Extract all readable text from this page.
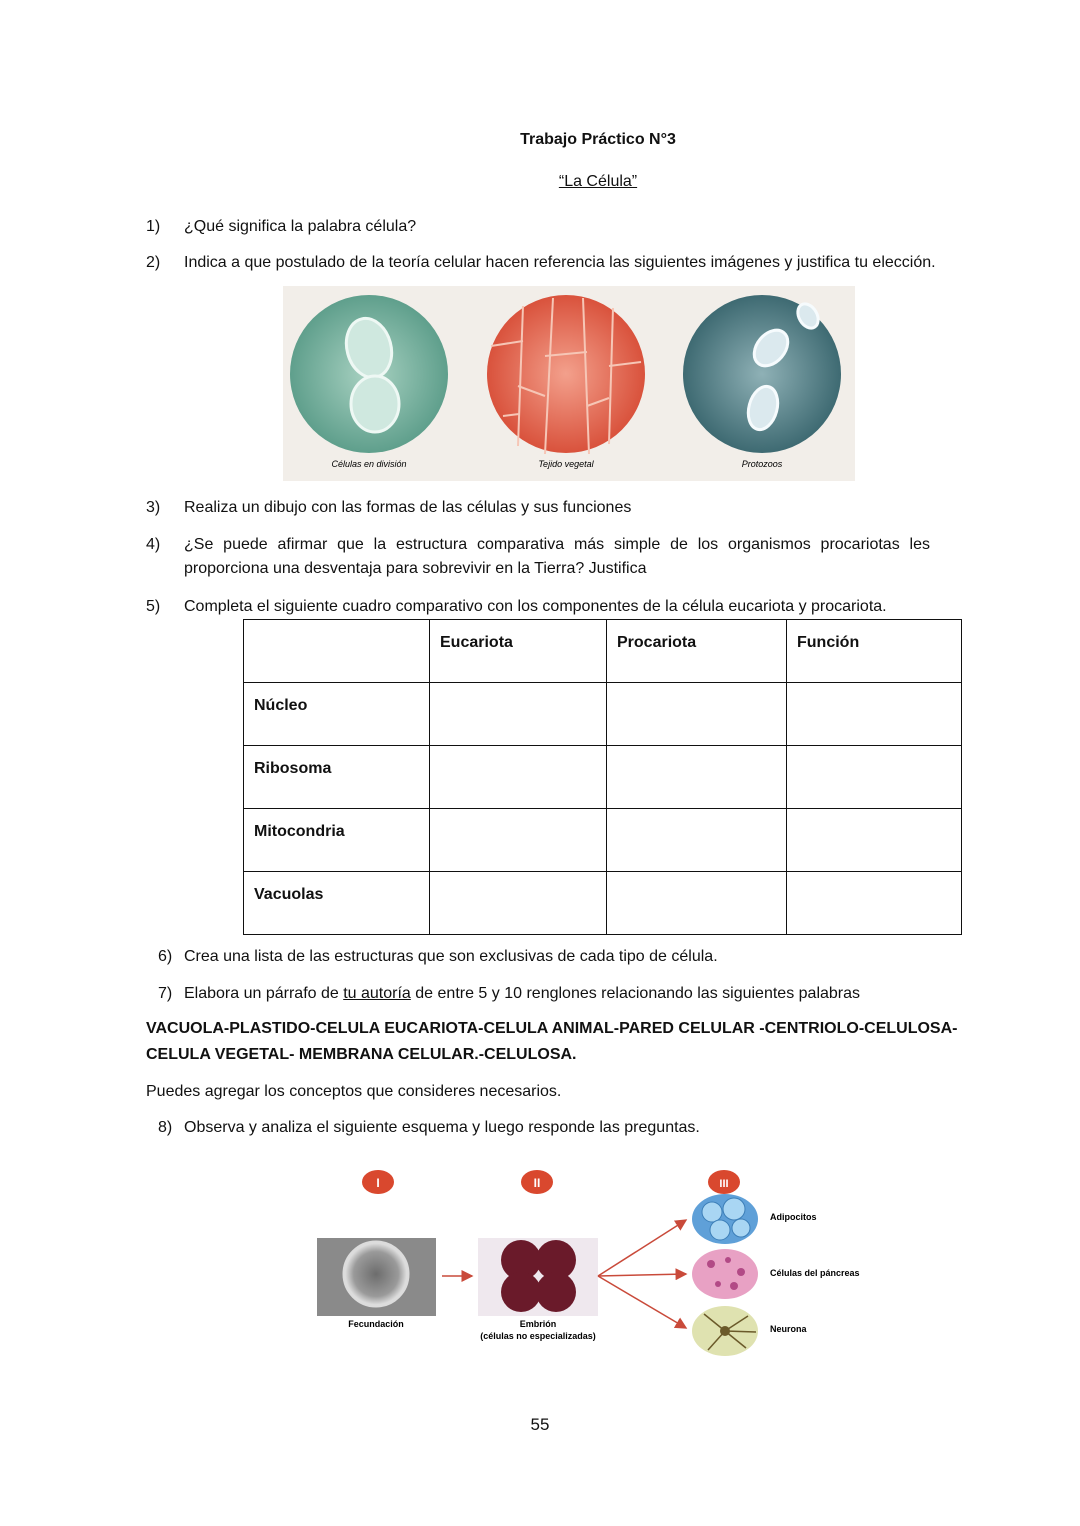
Trabajo Práctico N°3
“La Célula”
1) ¿Qué significa la palabra célula?
2) Indica a que postulado de la teoría celular hacen referencia las siguientes imágenes y justifica tu elección.
Células en división	Tejido vegetal	Protozoos
3) Realiza un dibujo con las formas de las células y sus funciones
4) ¿Se puede afirmar que la estructura comparativa más simple de los organismos procariotas les proporciona una desventaja para sobrevivir en la Tierra? Justifica
5) Completa el siguiente cuadro comparativo con los componentes de la célula eucariota y procariota.
	Eucariota	Procariota	Función
Núcleo			
Ribosoma			
Mitocondria			
Vacuolas			
6) Crea una lista de las estructuras que son exclusivas de cada tipo de célula.
7) Elabora un párrafo de tu autoría de entre 5 y 10 renglones relacionando las siguientes palabras
VACUOLA-PLASTIDO-CELULA EUCARIOTA-CELULA ANIMAL-PARED CELULAR -CENTRIOLO-CELULOSA-CELULA VEGETAL- MEMBRANA CELULAR.-CELULOSA.
Puedes agregar los conceptos que consideres necesarios.
8) Observa y analiza el siguiente esquema y luego responde las preguntas.
I	II	III
Fecundación	Embrión
(células no especializadas)
Adipocitos
Células del páncreas
Neurona
55
